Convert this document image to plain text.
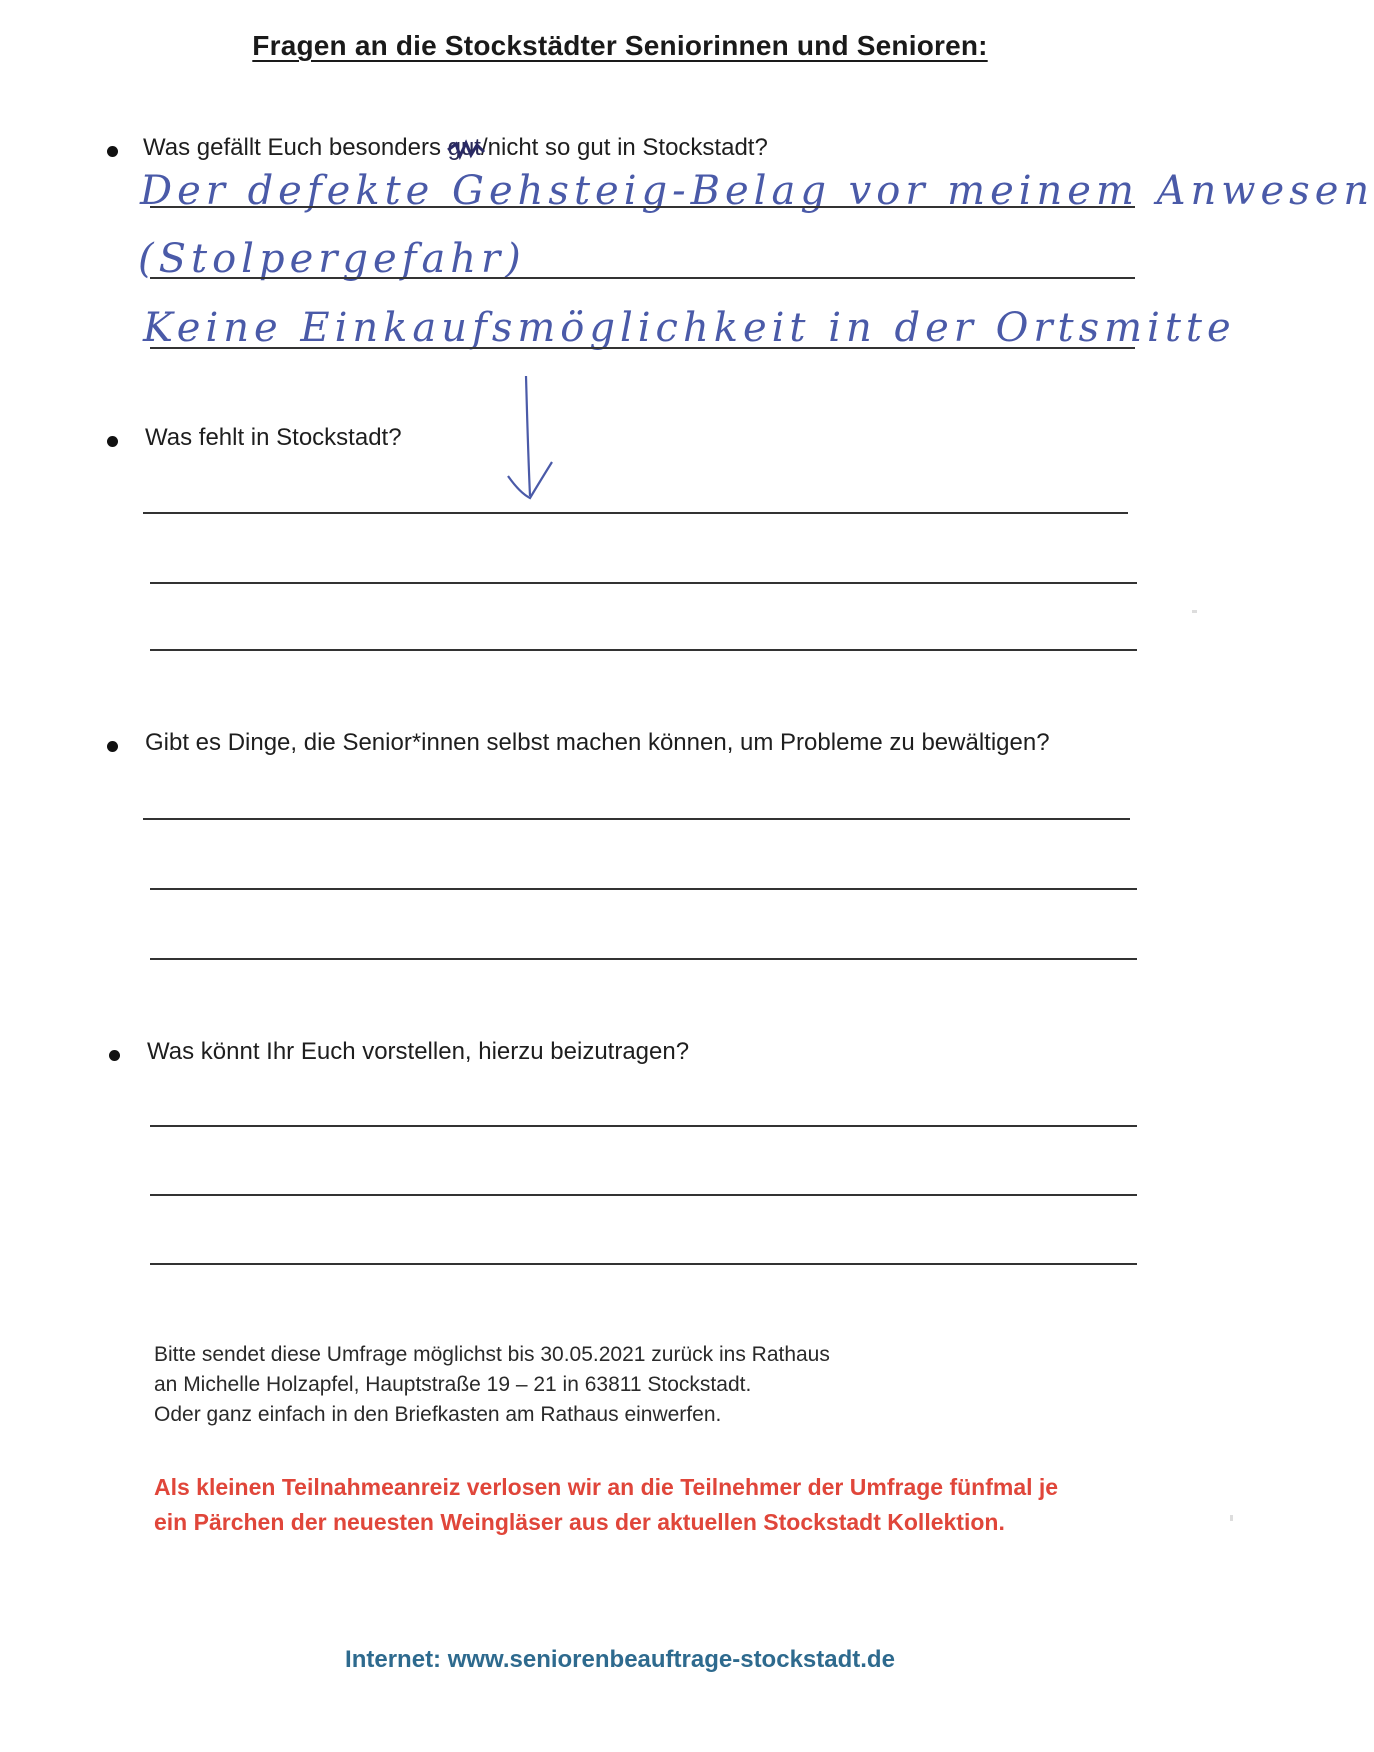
Fragen an die Stockstädter Seniorinnen und Senioren:
Was gefällt Euch besonders gut
/nicht so gut in Stockstadt?
Der defekte Gehsteig-Belag vor meinem Anwesen
(Stolpergefahr)
Keine Einkaufsmöglichkeit in der Ortsmitte
Was fehlt in Stockstadt?
Gibt es Dinge, die Senior*innen selbst machen können, um Probleme zu bewältigen?
Was könnt Ihr Euch vorstellen, hierzu beizutragen?
Bitte sendet diese Umfrage möglichst bis 30.05.2021 zurück ins Rathaus
an Michelle Holzapfel, Hauptstraße 19 – 21 in 63811 Stockstadt.
Oder ganz einfach in den Briefkasten am Rathaus einwerfen.
Als kleinen Teilnahmeanreiz verlosen wir an die Teilnehmer der Umfrage fünfmal je
ein Pärchen der neuesten Weingläser aus der aktuellen Stockstadt Kollektion.
Internet: www.seniorenbeauftrage-stockstadt.de
